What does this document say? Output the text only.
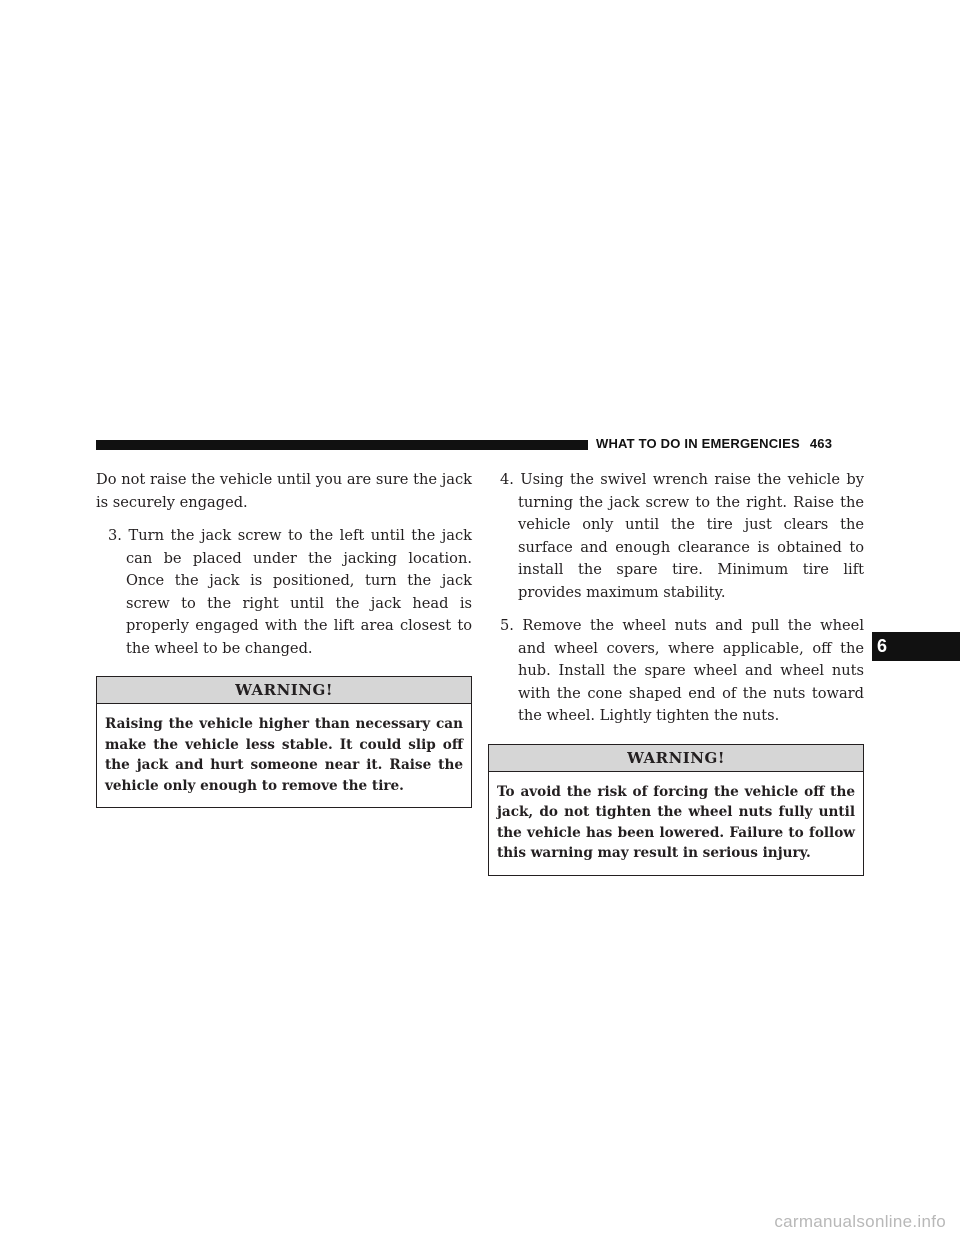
WHAT TO DO IN EMERGENCIES 463

Do not raise the vehicle until you are sure the jack is securely engaged.

3. Turn the jack screw to the left until the jack can be placed under the jacking location. Once the jack is positioned, turn the jack screw to the right until the jack head is properly engaged with the lift area closest to the wheel to be changed.

WARNING!
Raising the vehicle higher than necessary can make the vehicle less stable. It could slip off the jack and hurt someone near it. Raise the vehicle only enough to remove the tire.

4. Using the swivel wrench raise the vehicle by turning the jack screw to the right. Raise the vehicle only until the tire just clears the surface and enough clearance is obtained to install the spare tire. Minimum tire lift provides maximum stability.

5. Remove the wheel nuts and pull the wheel and wheel covers, where applicable, off the hub. Install the spare wheel and wheel nuts with the cone shaped end of the nuts toward the wheel. Lightly tighten the nuts.

WARNING!
To avoid the risk of forcing the vehicle off the jack, do not tighten the wheel nuts fully until the vehicle has been lowered. Failure to follow this warning may result in serious injury.
6
carmanualsonline.info
